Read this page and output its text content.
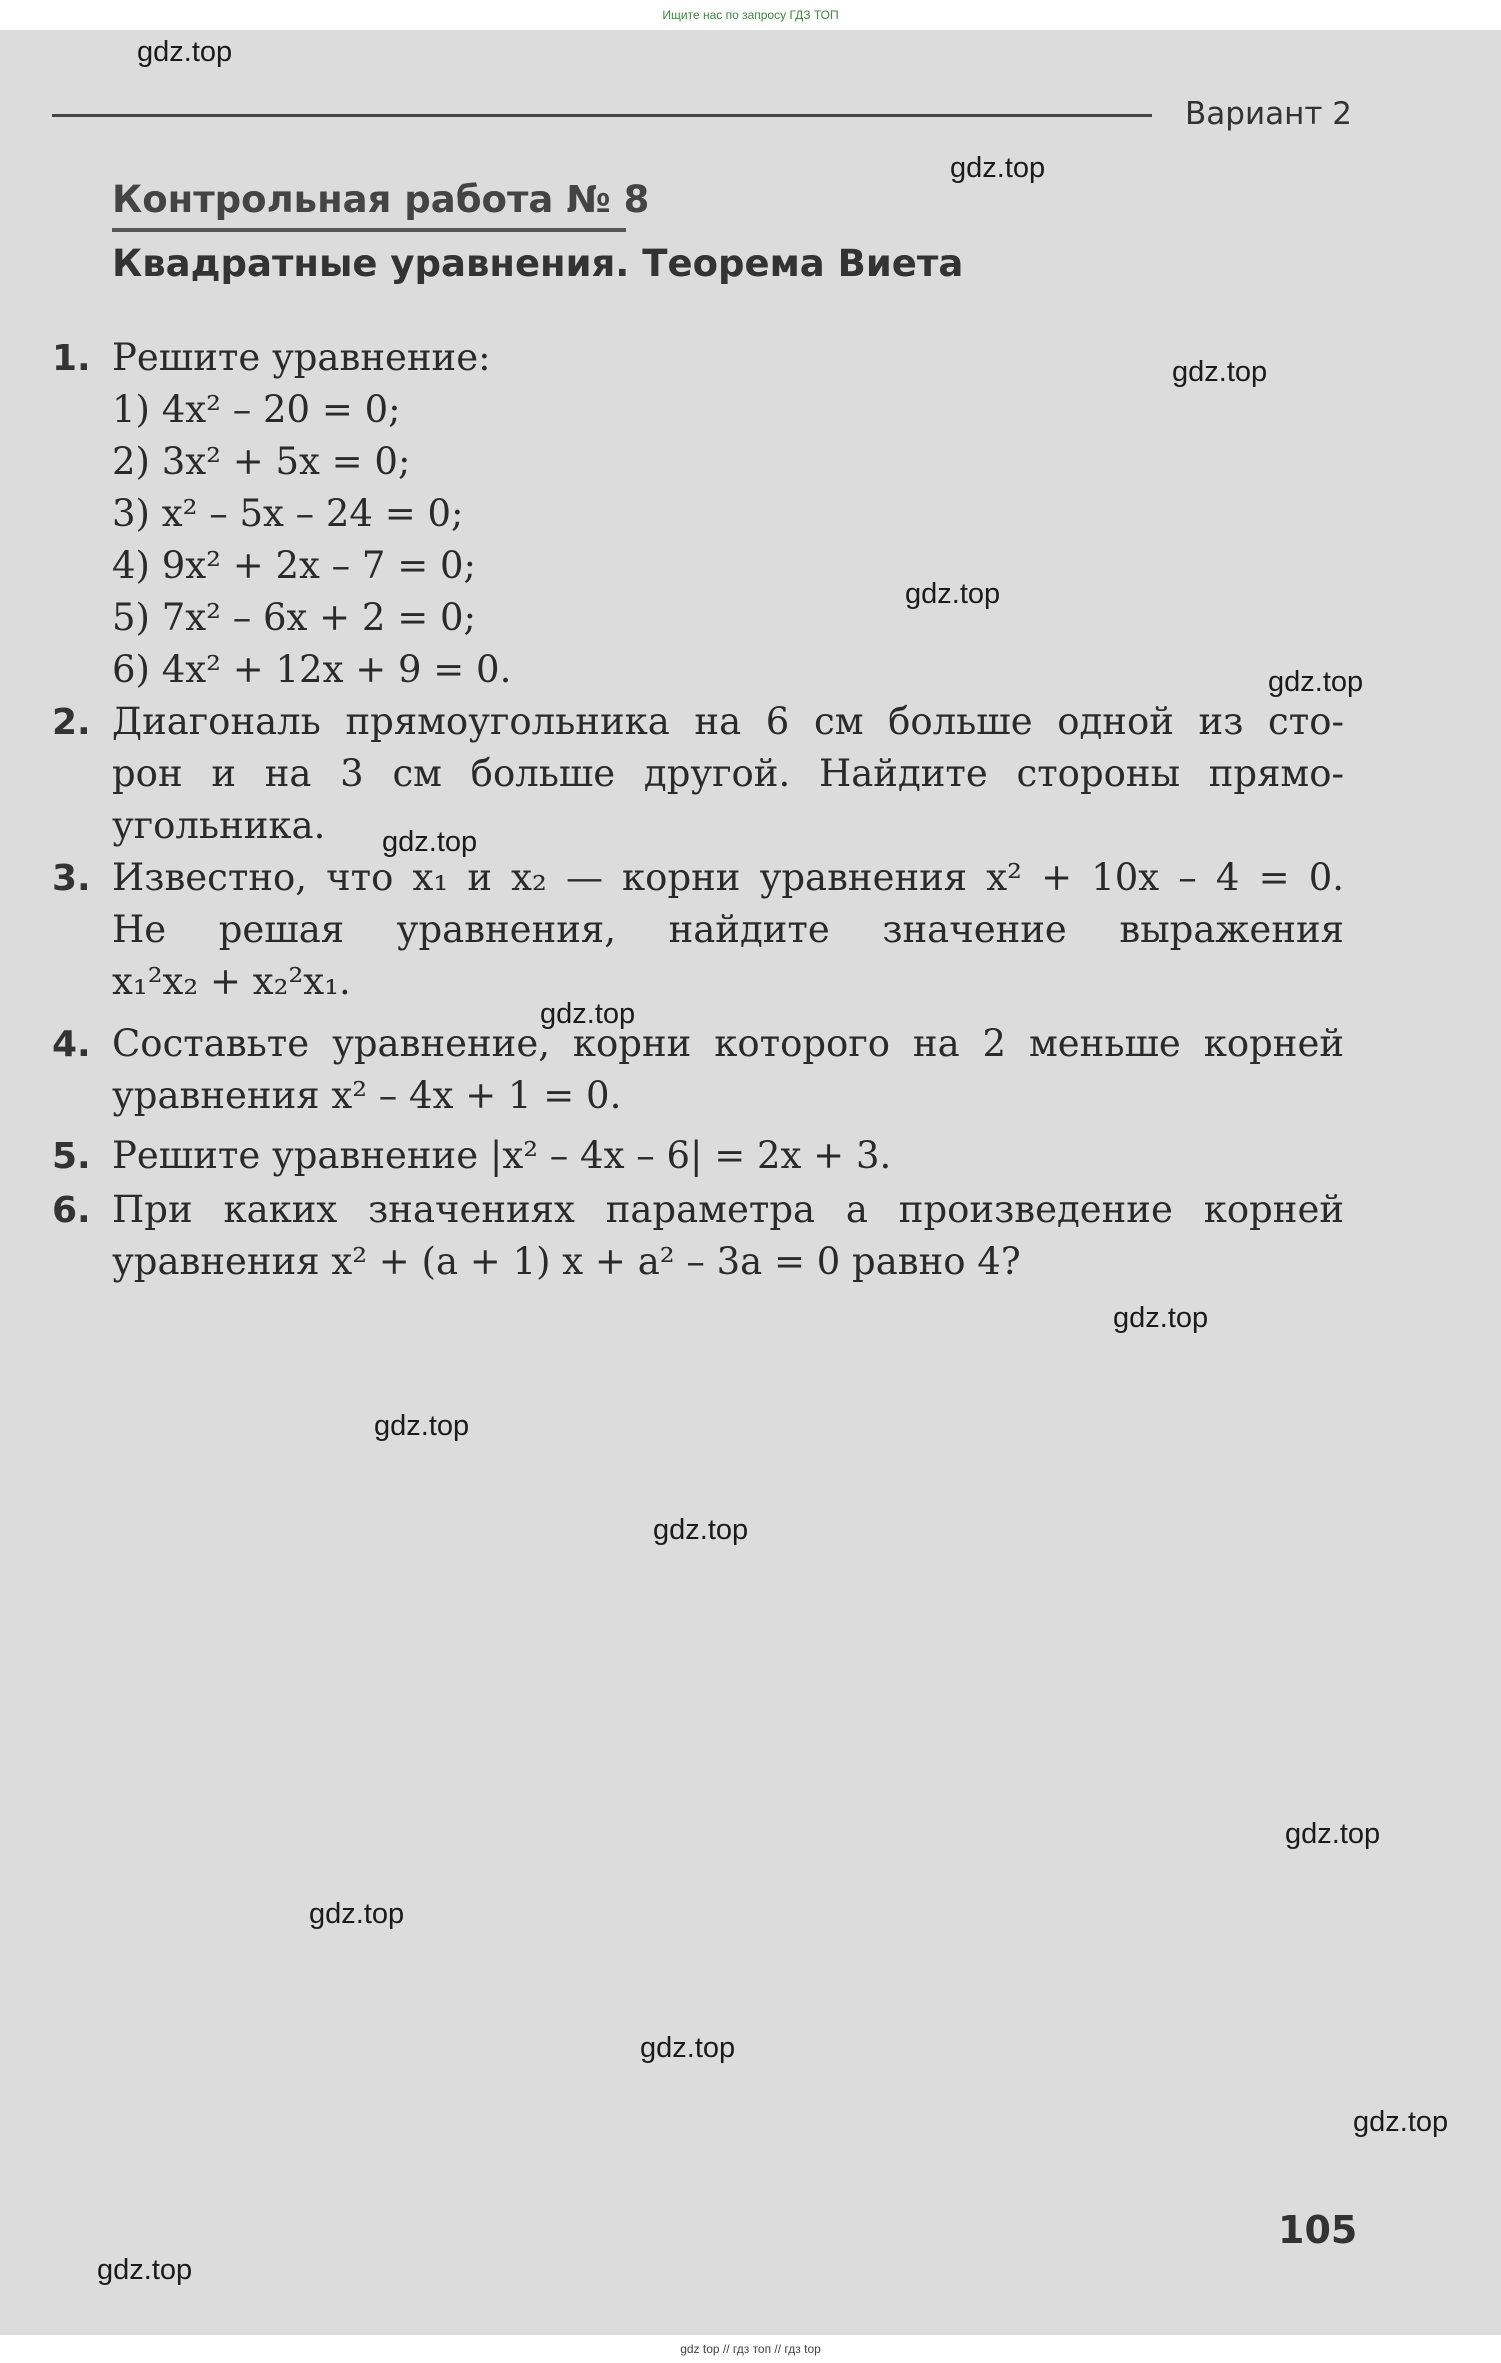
Ищите нас по запросу ГДЗ ТОП
gdz.top
gdz.top
gdz.top
gdz.top
gdz.top
gdz.top
gdz.top
gdz.top
gdz.top
gdz.top
gdz.top
gdz.top
gdz.top
gdz.top
gdz.top
Вариант 2
Контрольная работа № 8
Квадратные уравнения. Теорема Виета
1. Решите уравнение:
1) 4x² – 20 = 0;
2) 3x² + 5x = 0;
3) x² – 5x – 24 = 0;
4) 9x² + 2x – 7 = 0;
5) 7x² – 6x + 2 = 0;
6) 4x² + 12x + 9 = 0.
2. Диагональ прямоугольника на 6 см больше одной из сто-
рон и на 3 см больше другой. Найдите стороны прямо-
угольника.
3. Известно, что x₁ и x₂ — корни уравнения x² + 10x – 4 = 0.
Не решая уравнения, найдите значение выражения
x₁²x₂ + x₂²x₁.
4. Составьте уравнение, корни которого на 2 меньше корней
уравнения x² – 4x + 1 = 0.
5. Решите уравнение |x² – 4x – 6| = 2x + 3.
6. При каких значениях параметра a произведение корней
уравнения x² + (a + 1) x + a² – 3a = 0 равно 4?
105
gdz top // гдз топ // гдз top
